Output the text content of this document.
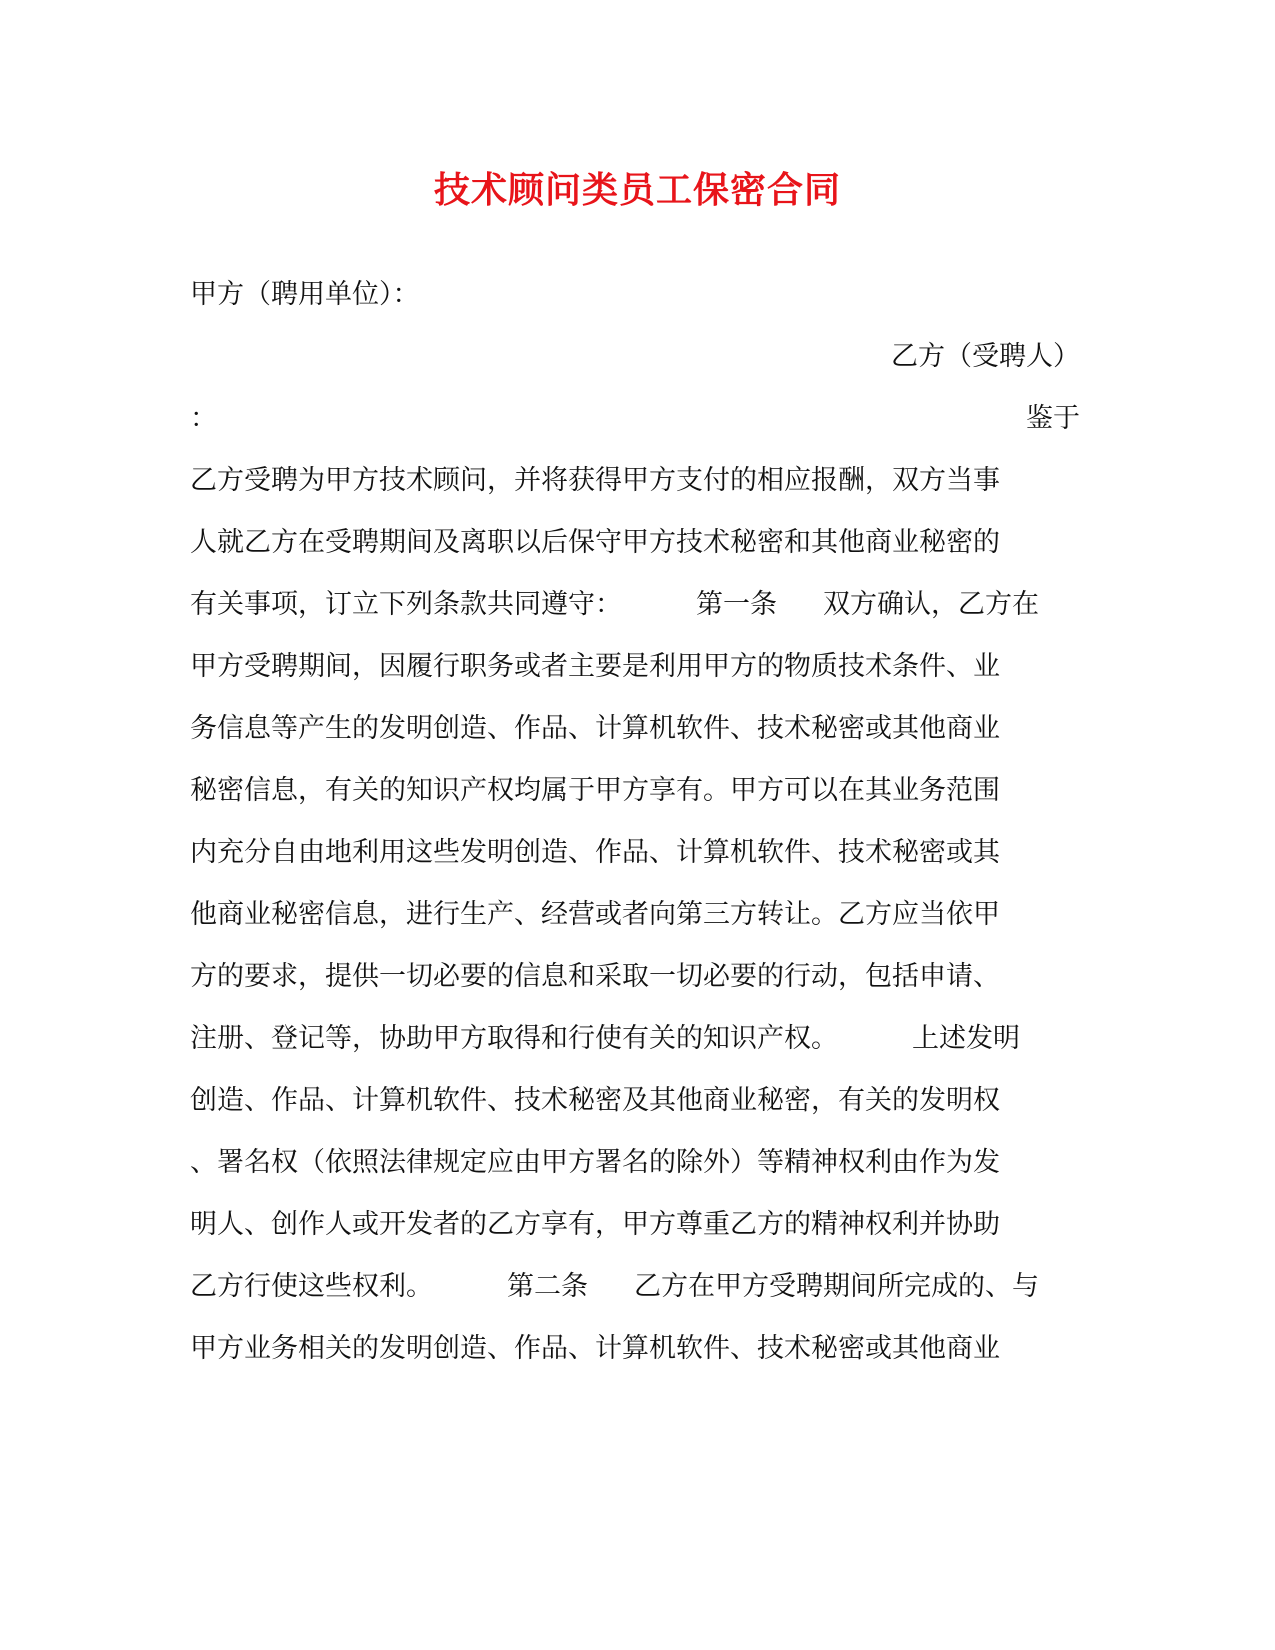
技术顾问类员工保密合同
甲方（聘用单位）：
乙方（受聘人）
：	鉴于
乙方受聘为甲方技术顾问，并将获得甲方支付的相应报酬，双方当事
人就乙方在受聘期间及离职以后保守甲方技术秘密和其他商业秘密的
有关事项，订立下列条款共同遵守：	第一条 双方确认，乙方在
甲方受聘期间，因履行职务或者主要是利用甲方的物质技术条件、业
务信息等产生的发明创造、作品、计算机软件、技术秘密或其他商业
秘密信息，有关的知识产权均属于甲方享有。甲方可以在其业务范围
内充分自由地利用这些发明创造、作品、计算机软件、技术秘密或其
他商业秘密信息，进行生产、经营或者向第三方转让。乙方应当依甲
方的要求，提供一切必要的信息和采取一切必要的行动，包括申请、
注册、登记等，协助甲方取得和行使有关的知识产权。	上述发明
创造、作品、计算机软件、技术秘密及其他商业秘密，有关的发明权
、署名权（依照法律规定应由甲方署名的除外）等精神权利由作为发
明人、创作人或开发者的乙方享有，甲方尊重乙方的精神权利并协助
乙方行使这些权利。	第二条 乙方在甲方受聘期间所完成的、与
甲方业务相关的发明创造、作品、计算机软件、技术秘密或其他商业
